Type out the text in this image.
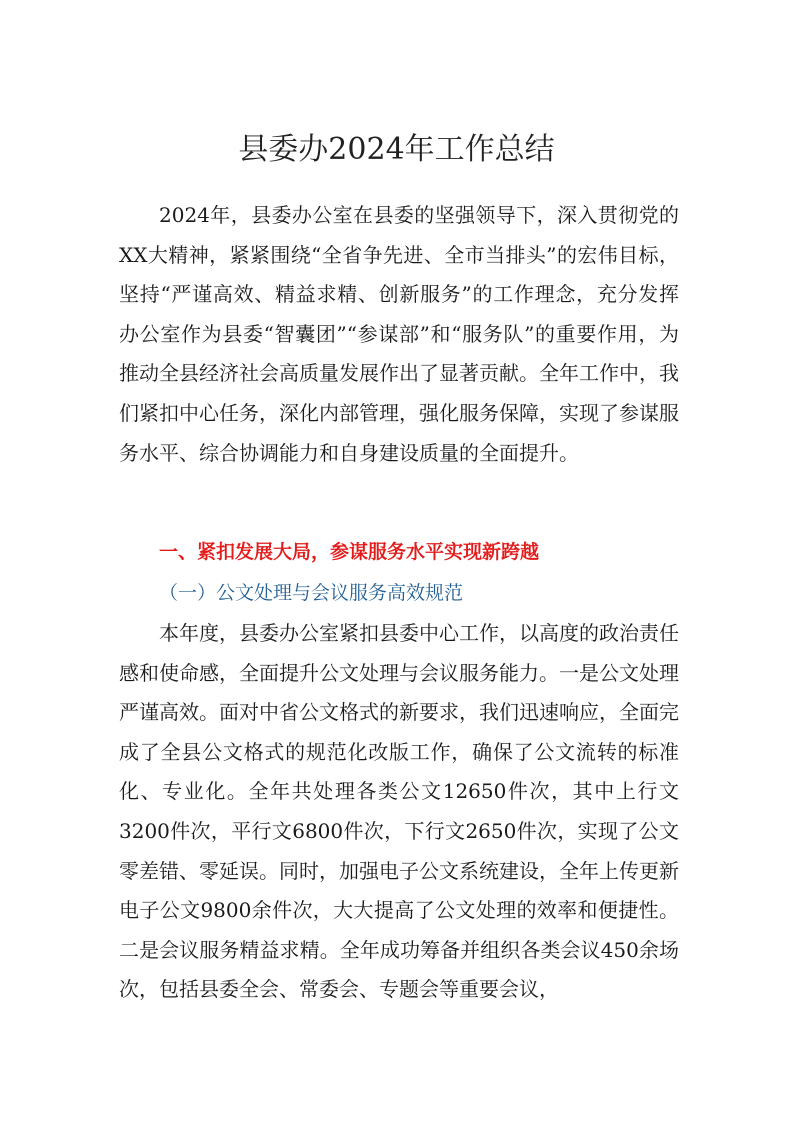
县委办2024年工作总结

2024年，县委办公室在县委的坚强领导下，深入贯彻党的XX大精神，紧紧围绕“全省争先进、全市当排头”的宏伟目标，坚持“严谨高效、精益求精、创新服务”的工作理念，充分发挥办公室作为县委“智囊团”“参谋部”和“服务队”的重要作用，为推动全县经济社会高质量发展作出了显著贡献。全年工作中，我们紧扣中心任务，深化内部管理，强化服务保障，实现了参谋服务水平、综合协调能力和自身建设质量的全面提升。

一、紧扣发展大局，参谋服务水平实现新跨越
（一）公文处理与会议服务高效规范

本年度，县委办公室紧扣县委中心工作，以高度的政治责任感和使命感，全面提升公文处理与会议服务能力。一是公文处理严谨高效。面对中省公文格式的新要求，我们迅速响应，全面完成了全县公文格式的规范化改版工作，确保了公文流转的标准化、专业化。全年共处理各类公文12650件次，其中上行文3200件次，平行文6800件次，下行文2650件次，实现了公文零差错、零延误。同时，加强电子公文系统建设，全年上传更新电子公文9800余件次，大大提高了公文处理的效率和便捷性。二是会议服务精益求精。全年成功筹备并组织各类会议450余场次，包括县委全会、常委会、专题会等重要会议，
